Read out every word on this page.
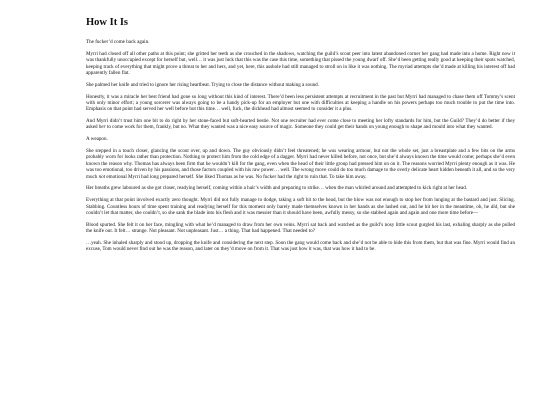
How It Is

The fucker’d come back again.

Myrri had closed off all other paths at this point; she gritted her teeth as she crouched in the shadows, watching the guild’s scout peer into latest abandoned corner her gang had made into a home. Right now it was thankfully unoccupied except for herself but, well… it was just luck that this was the case this time, something that pissed the young dwarf off. She’d been getting really good at keeping their spots watched, keeping track of everything that might prove a threat to her and hers, and yet, here, this asshole had still managed to stroll on in like it was nothing. The myriad attempts she’d made at killing his interest off had apparently fallen flat.

She palmed her knife and tried to ignore her rising heartbeat. Trying to close the distance without making a sound.

Honestly, it was a miracle her best friend had gone so long without this kind of interest. There’d been less persistent attempts at recruitment in the past but Myrri had managed to chase them off Tommy’s scent with only minor effort; a young sorcerer was always going to be a handy pick-up for an employer but one with difficulties at keeping a handle on his powers perhaps too much trouble to put the time into. Emphasis on that point had served her well before but this time… well, fuck, the dickhead had almost seemed to consider it a plus.

And Myrri didn’t trust him one bit to do right by her stone-faced but soft-hearted bestie. Not one recruiter had ever come close to meeting her lofty standards for him, but the Guild? They’d do better if they asked her to come work for them, frankly, but no. What they wanted was a nice easy source of magic. Someone they could get their hands on young enough to shape and mould into what they wanted.

A weapon.

She stepped in a touch closer, glancing the scout over, up and down. The guy obviously didn’t feel threatened; he was wearing armour, but not the whole set, just a breastplate and a few bits on the arms probably worn for looks rather than protection. Nothing to protect him from the cold edge of a dagger. Myrri had never killed before, not once, but she’d always known the time would come; perhaps she’d even known the reason why. Thomas has always been firm that he wouldn’t kill for the gang, even when the head of their little group had pressed him on on it. The reasons worried Myrri plenty enough as it was. He was too emotional, too driven by his passions, and those factors coupled with his raw power… well. The wrong move could do too much damage to the overly delicate heart hidden beneath it all, and so the very much not emotional Myrri had long prepared herself. She liked Thomas as he was. No fucker had the right to ruin that. To take him away.

Her breaths grew laboured as she got closer, readying herself, coming within a hair’s width and preparing to strike… when the man whirled around and attempted to kick right at her head.

Everything at that point involved exactly zero thought. Myrri did not fully manage to dodge, taking a soft hit to the head, but the blow was not enough to stop her from lunging at the bastard and just. Slicing. Stabbing. Countless hours of time spent training and readying herself for this moment only barely made themselves known in her hands as she lashed out, and he hit her in the meantime, oh, he did, but she couldn’t let that matter, she couldn’t, so she sank the blade into his flesh and it was messier than it should have been, awfully messy, so she stabbed again and again and one more time before—

Blood spurted. She felt it on her face, mingling with what he’d managed to draw from her own veins. Myrri sat back and watched as the guild’s nosy little scout gurgled his last, exhaling sharply as she pulled the knife out. It felt… strange. Not pleasant. Not unpleasant. Just… a thing. That had happened. That needed to?

…yeah. She inhaled sharply and stood up, dropping the knife and considering the next step. Soon the gang would come back and she’d not be able to hide this from them, but that was fine. Myrri would find an excuse, Tom would never find out he was the reason, and later on they’d move on from it. That was just how it was, that was how it had to be.
